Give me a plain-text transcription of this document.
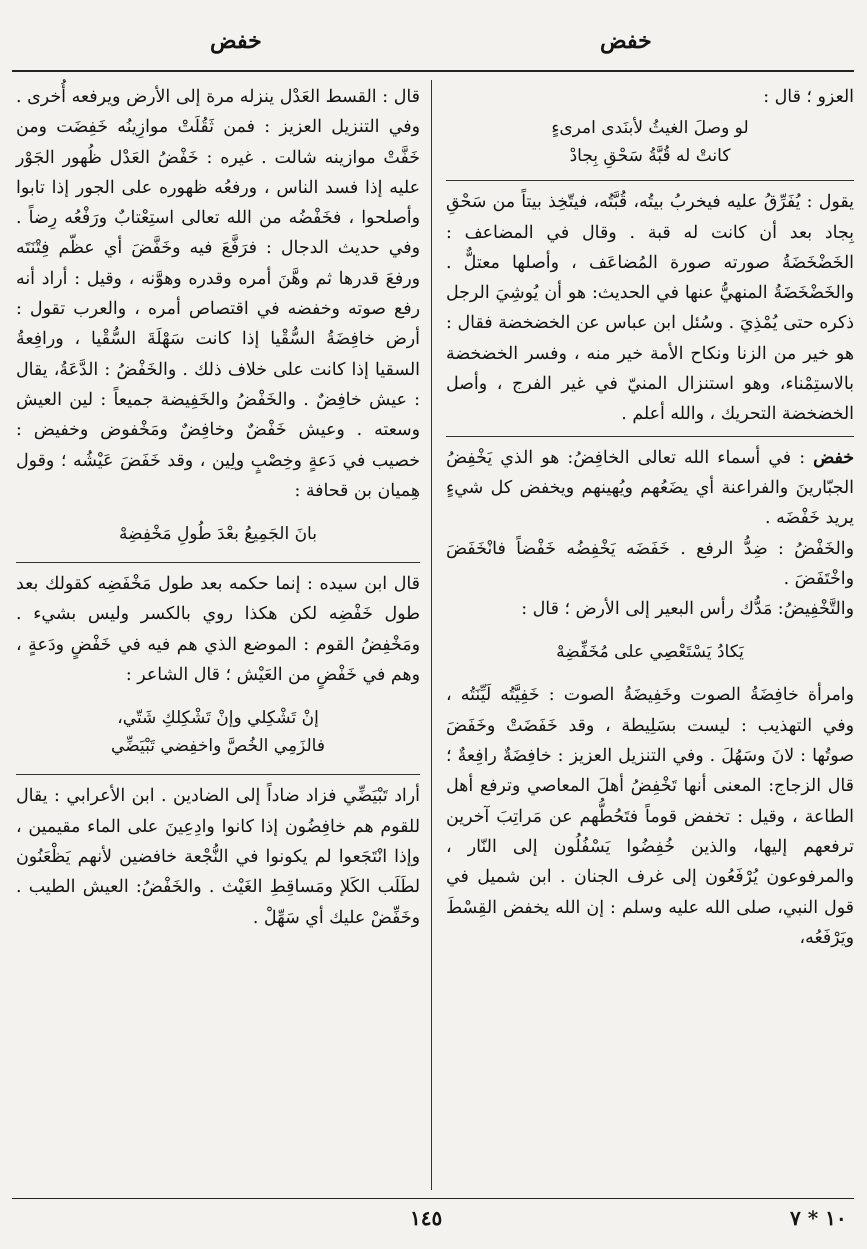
خفض
خفض

العزو ؛ قال :

لو وصلَ الغيثُ لأبنَدى امرىءٍ
كانتْ له قُبَّةُ سَحْقِ بِجادْ

يقول : يُفَرِّقُ عليه فيخربُ بيتُه، قُبَّتُه، فيتّخِذ بيتاً من سَحْقِ بِجاد بعد أن كانت له قبة . وقال في المضاعف : الخَضْخَضَةُ صورته صورة المُضاعَف ، وأصلها معتلٌّ . والخَضْخَضَةُ المنهيُّ عنها في الحديث: هو أن يُوشِيَ الرجل ذكره حتى يُمْذِيَ . وسُئل ابن عباس عن الخضخضة فقال : هو خير من الزنا ونكاح الأمة خير منه ، وفسر الخضخضة بالاستِمْناء، وهو استنزال المنيّ في غير الفرج ، وأصل الخضخضة التحريك ، والله أعلم .

خفض : في أسماء الله تعالى الخافِضُ: هو الذي يَخْفِضُ الجبّارينَ والفراعنة أي يضَعُهم ويُهينهم ويخفض كل شيءٍ يريد خَفْضَه .

والخَفْضُ : ضِدُّ الرفع . خَفَضَه يَخْفِضُه خَفْضاً فانْخَفَضَ واخْتَفَضَ .

والتَّخْفِيضُ: مَدُّك رأس البعير إلى الأرض ؛ قال :

يَكادُ يَسْتَعْصِي على مُخَفِّضِهْ

وامرأة خافِضَةُ الصوت وخَفِيضَةُ الصوت : خَفِيَّتُه لَيِّنَتُه ، وفي التهذيب : ليست بسَلِيطة ، وقد خَفَضَتْ وخَفَضَ صوتُها : لانَ وسَهُلَ . وفي التنزيل العزيز : خافِضَةٌ رافِعةٌ ؛ قال الزجاج: المعنى أنها تَخْفِضُ أهلَ المعاصي وترفع أهل الطاعة ، وقيل : تخفض قوماً فتَحُطُّهم عن مَراتِبَ آخرين ترفعهم إليها، والذين خُفِضُوا يَسْفُلُون إلى النّار ، والمرفوعون يُرْفَعُون إلى غرف الجنان . ابن شميل في قول النبي، صلى الله عليه وسلم : إن الله يخفض القِسْطَ ويَرْفَعُه،

قال : القسط العَدْل ينزله مرة إلى الأرض ويرفعه أُخرى . وفي التنزيل العزيز : فمن ثَقُلَتْ موازِينُه خَفِضَت ومن خَفَّتْ موازينه شالت . غيره : خَفْضُ العَدْل ظُهور الجَوْر عليه إذا فسد الناس ، ورفعُه ظهوره على الجور إذا تابوا وأصلحوا ، فخَفْضُه من الله تعالى استِعْتابٌ ورَفْعُه رِضاً . وفي حديث الدجال : فرَفَّعَ فيه وخَفَّضَ أي عظّم فِتْنَتَه ورفعَ قدرها ثم وهَّنَ أمره وقدره وهوَّنه ، وقيل : أراد أنه رفع صوته وخفضه في اقتصاص أمره ، والعرب تقول : أرض خافِضَةُ السُّقْيا إذا كانت سَهْلَةَ السُّقْيا ، ورافِعةُ السقيا إذا كانت على خلاف ذلك . والخَفْضُ : الدَّعَةُ، يقال : عيش خافِضٌ . والخَفْضُ والخَفِيضة جميعاً : لين العيش وسعته . وعيش خَفْضٌ وخافِضٌ ومَخْفوض وخفيض : خصيب في دَعةٍ وخِصْبٍ ولِين ، وقد خَفَضَ عَيْشُه ؛ وقول هِميان بن قحافة :

بانَ الجَمِيعُ بعْدَ طُولِ مَخْفِضِهْ

قال ابن سيده : إنما حكمه بعد طول مَخْفَضِه كقولك بعد طول خَفْضِه لكن هكذا روي بالكسر وليس بشيء . ومَخْفِضُ القوم : الموضع الذي هم فيه في خَفْضٍ ودَعةٍ ، وهم في خَفْضٍ من العَيْش ؛ قال الشاعر :

إنْ تَشْكِلي وإنْ تَشْكِلكِ شَتّي،
فالزَمِي الخُصَّ واخفِضي تَبْيَضِّي

أراد تَبْيَضِّي فزاد ضاداً إلى الضادين . ابن الأعرابي : يقال للقوم هم خافِضُون إذا كانوا وادِعِينَ على الماء مقيمين ، وإذا انْتَجَعوا لم يكونوا في النُّجْعة خافضين لأنهم يَظْعَنُون لطَلَب الكَلإ ومَساقِطِ الغَيْث . والخَفْضُ: العيش الطيب . وخَفِّضْ عليك أي سَهِّلْ .

١٤٥	١٠ * ٧
